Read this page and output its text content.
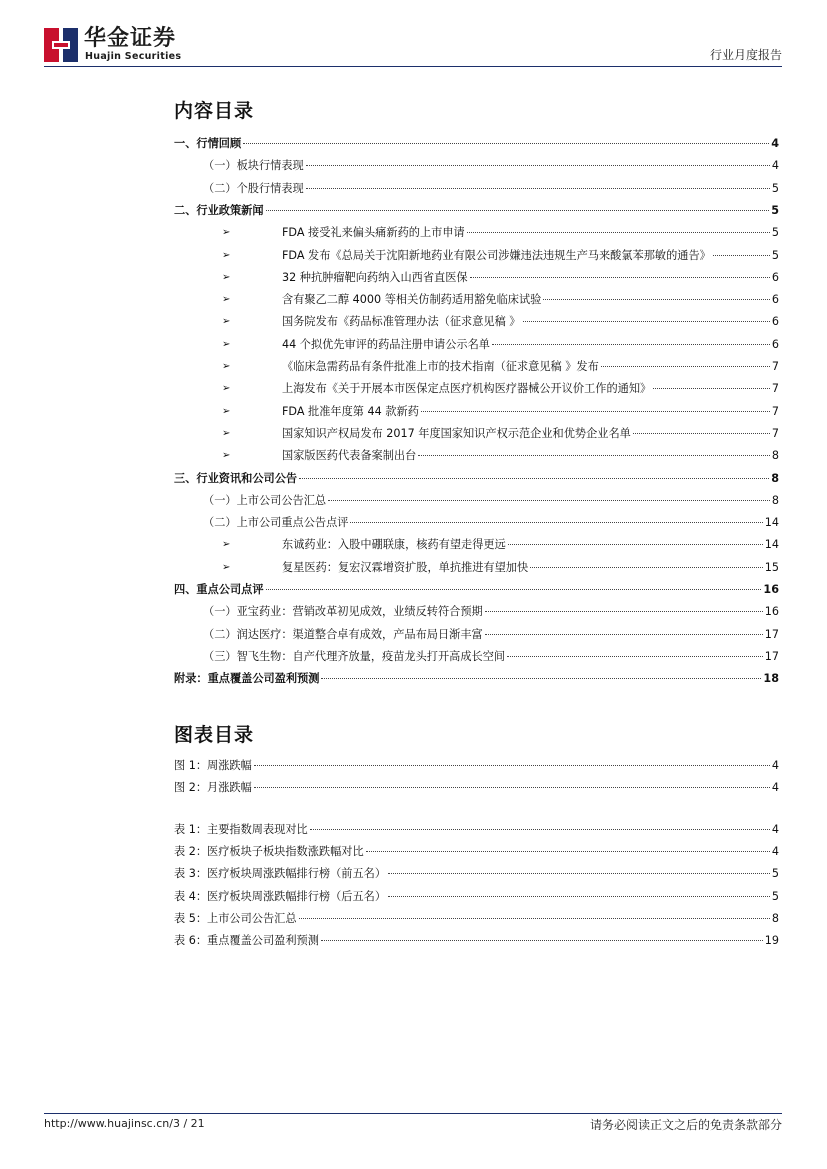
华金证券
Huajin Securities	行业月度报告
内容目录
一、行情回顾	4
（一）板块行情表现	4
（二）个股行情表现	5
二、行业政策新闻	5
➢	FDA 接受礼来偏头痛新药的上市申请	5
➢	FDA 发布《总局关于沈阳新地药业有限公司涉嫌违法违规生产马来酸氯苯那敏的通告》	5
➢	32 种抗肿瘤靶向药纳入山西省直医保	6
➢	含有聚乙二醇 4000 等相关仿制药适用豁免临床试验	6
➢	国务院发布《药品标准管理办法（征求意见稿 》	6
➢	44 个拟优先审评的药品注册申请公示名单	6
➢	《临床急需药品有条件批准上市的技术指南（征求意见稿 》发布	7
➢	上海发布《关于开展本市医保定点医疗机构医疗器械公开议价工作的通知》	7
➢	FDA 批准年度第 44 款新药	7
➢	国家知识产权局发布 2017 年度国家知识产权示范企业和优势企业名单	7
➢	国家版医药代表备案制出台	8
三、行业资讯和公司公告	8
（一）上市公司公告汇总	8
（二）上市公司重点公告点评	14
➢	东诚药业：入股中硼联康，核药有望走得更远	14
➢	复星医药：复宏汉霖增资扩股，单抗推进有望加快	15
四、重点公司点评	16
（一）亚宝药业：营销改革初见成效，业绩反转符合预期	16
（二）润达医疗：渠道整合卓有成效，产品布局日渐丰富	17
（三）智飞生物：自产代理齐放量，疫苗龙头打开高成长空间	17
附录：重点覆盖公司盈利预测	18
图表目录
图 1：周涨跌幅	4
图 2：月涨跌幅	4
表 1：主要指数周表现对比	4
表 2：医疗板块子板块指数涨跌幅对比	4
表 3：医疗板块周涨跌幅排行榜（前五名）	5
表 4：医疗板块周涨跌幅排行榜（后五名）	5
表 5：上市公司公告汇总	8
表 6：重点覆盖公司盈利预测	19
http://www.huajinsc.cn/3 / 21	请务必阅读正文之后的免责条款部分
